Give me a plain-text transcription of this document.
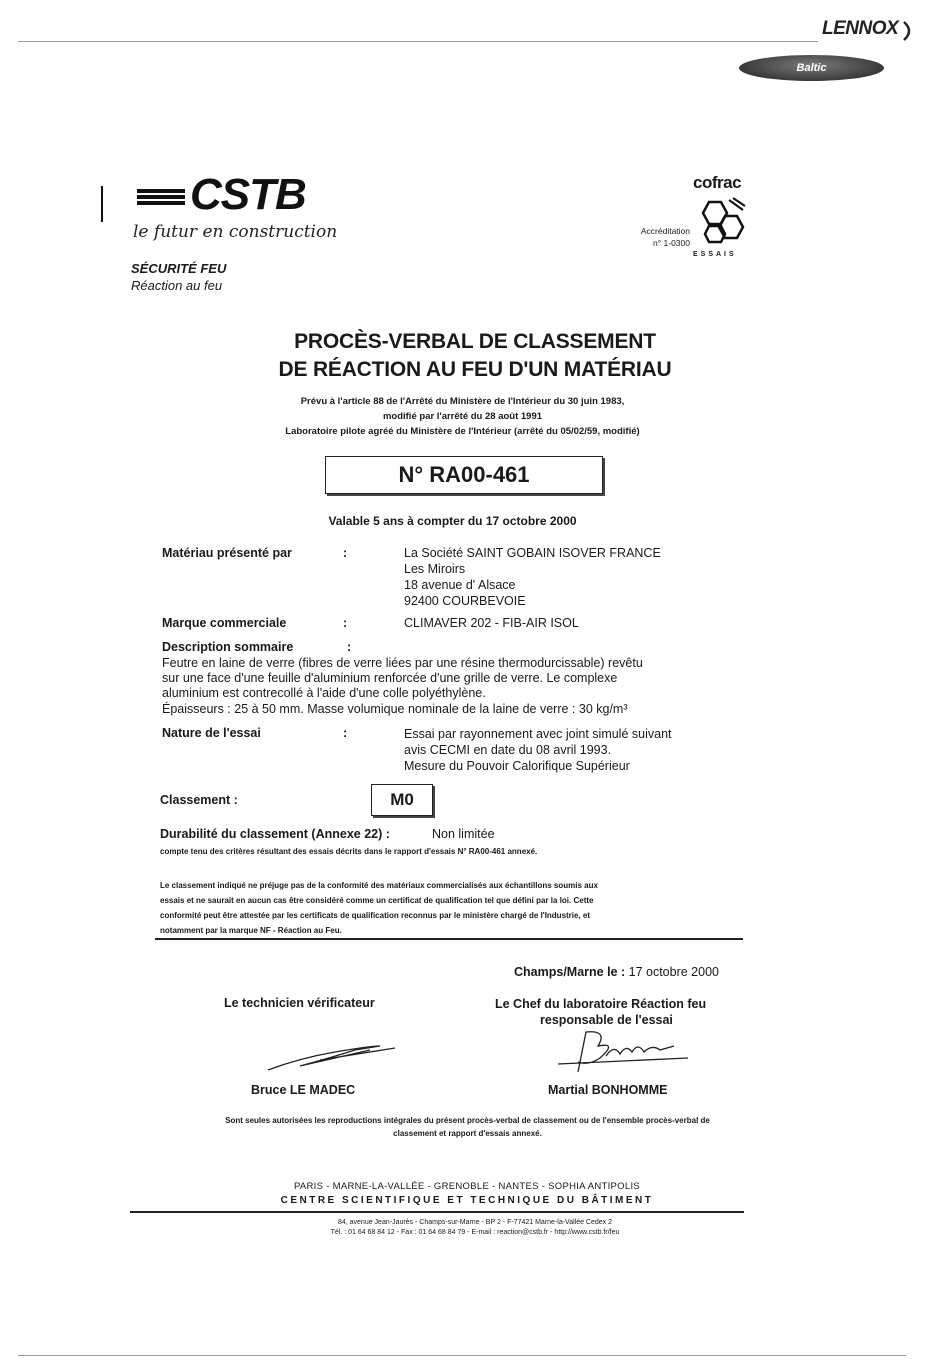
LENNOX
Baltic
CSTB
le futur en construction
SÉCURITÉ FEU
Réaction au feu
cofrac
Accréditation
n° 1-0300
ESSAIS
PROCÈS-VERBAL DE CLASSEMENT
DE RÉACTION AU FEU D'UN MATÉRIAU
Prévu à l'article 88 de l'Arrêté du Ministère de l'Intérieur du 30 juin 1983,
modifié par l'arrêté du 28 août 1991
Laboratoire pilote agréé du Ministère de l'Intérieur (arrêté du 05/02/59, modifié)
N° RA00-461
Valable 5 ans à compter du 17 octobre 2000
Matériau présenté par	:	La Société SAINT GOBAIN ISOVER FRANCE
Les Miroirs
18 avenue d' Alsace
92400 COURBEVOIE
Marque commerciale	:	CLIMAVER 202 - FIB-AIR ISOL
Description sommaire	:
Feutre en laine de verre (fibres de verre liées par une résine thermodurcissable) revêtu
sur une face d'une feuille d'aluminium renforcée d'une grille de verre. Le complexe
aluminium est contrecollé à l'aide d'une colle polyéthylène.
Épaisseurs : 25 à 50 mm. Masse volumique nominale de la laine de verre : 30 kg/m³
Nature de l'essai	:	Essai par rayonnement avec joint simulé suivant
avis CECMI en date du 08 avril 1993.
Mesure du Pouvoir Calorifique Supérieur
Classement :	M0
Durabilité du classement (Annexe 22) :	Non limitée
compte tenu des critères résultant des essais décrits dans le rapport d'essais N° RA00-461 annexé.
Le classement indiqué ne préjuge pas de la conformité des matériaux commercialisés aux échantillons soumis aux
essais et ne saurait en aucun cas être considéré comme un certificat de qualification tel que défini par la loi. Cette
conformité peut être attestée par les certificats de qualification reconnus par le ministère chargé de l'Industrie, et
notamment par la marque NF - Réaction au Feu.
Champs/Marne le : 17 octobre 2000
Le technicien vérificateur	Le Chef du laboratoire Réaction feu
responsable de l'essai
Bruce LE MADEC	Martial BONHOMME
Sont seules autorisées les reproductions intégrales du présent procès-verbal de classement ou de l'ensemble procès-verbal de
classement et rapport d'essais annexé.
PARIS - MARNE-LA-VALLÉE - GRENOBLE - NANTES - SOPHIA ANTIPOLIS
CENTRE SCIENTIFIQUE ET TECHNIQUE DU BÂTIMENT
84, avenue Jean-Jaurès - Champs-sur-Marne - BP 2 - F-77421 Marne-la-Vallée Cedex 2
Tél. : 01 64 68 84 12 - Fax : 01 64 68 84 79 - E-mail : reaction@cstb.fr - http://www.cstb.fr/feu
